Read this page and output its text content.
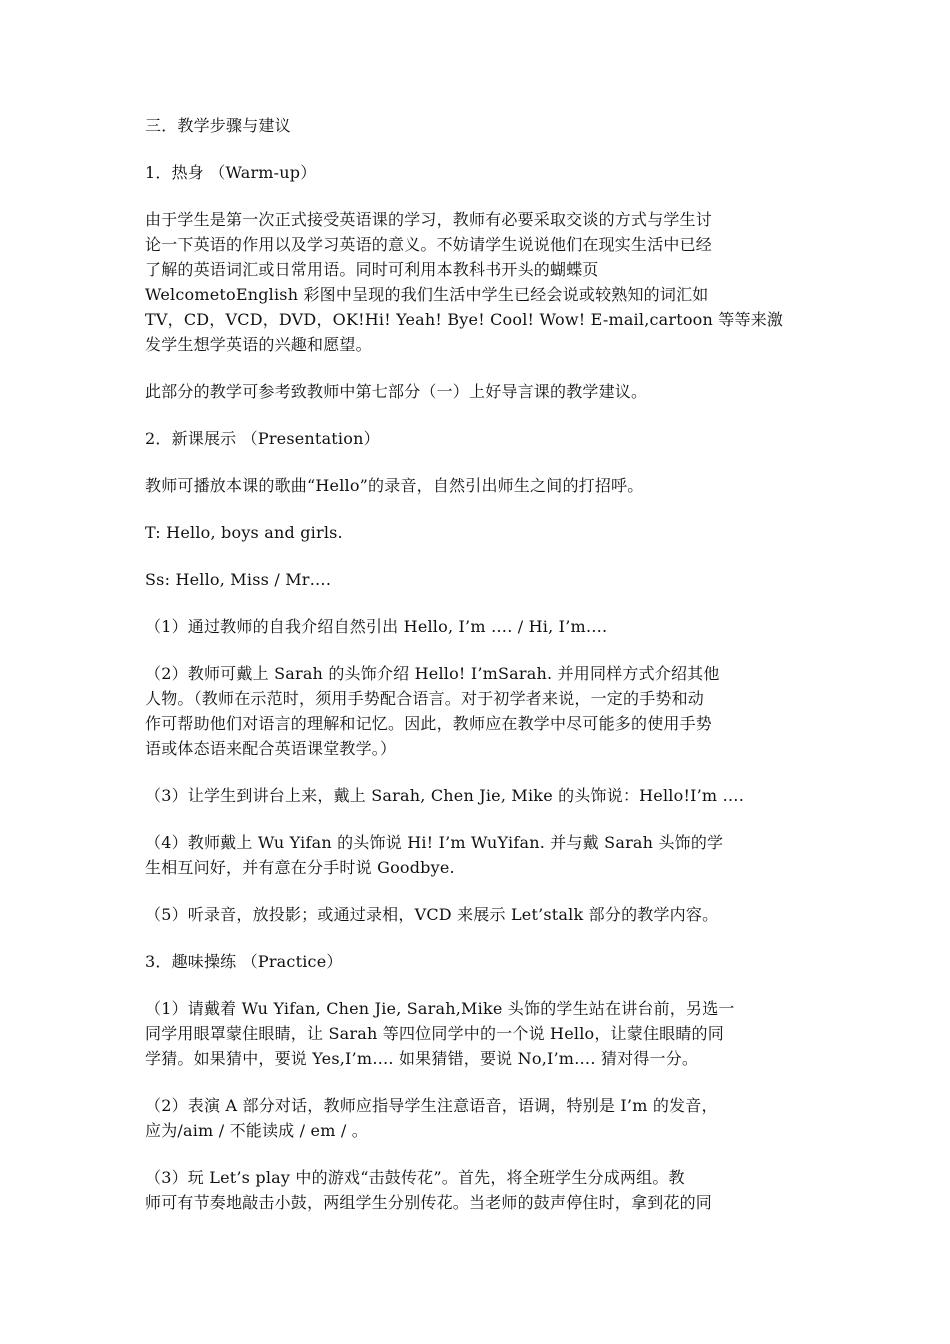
三．教学步骤与建议
1．热身 （Warm-up）
由于学生是第一次正式接受英语课的学习，教师有必要采取交谈的方式与学生讨
论一下英语的作用以及学习英语的意义。不妨请学生说说他们在现实生活中已经
了解的英语词汇或日常用语。同时可利用本教科书开头的蝴蝶页
WelcometoEnglish 彩图中呈现的我们生活中学生已经会说或较熟知的词汇如
TV，CD，VCD，DVD，OK!Hi! Yeah! Bye! Cool! Wow! E-mail,cartoon 等等来激
发学生想学英语的兴趣和愿望。
此部分的教学可参考致教师中第七部分（一）上好导言课的教学建议。
2．新课展示 （Presentation）
教师可播放本课的歌曲“Hello”的录音，自然引出师生之间的打招呼。
T: Hello, boys and girls.
Ss: Hello, Miss / Mr….
（1）通过教师的自我介绍自然引出 Hello, I’m …. / Hi, I’m….
（2）教师可戴上 Sarah 的头饰介绍 Hello! I’mSarah. 并用同样方式介绍其他
人物。（教师在示范时，须用手势配合语言。对于初学者来说，一定的手势和动
作可帮助他们对语言的理解和记忆。因此，教师应在教学中尽可能多的使用手势
语或体态语来配合英语课堂教学。）
（3）让学生到讲台上来，戴上 Sarah, Chen Jie, Mike 的头饰说：Hello!I’m ….
（4）教师戴上 Wu Yifan 的头饰说 Hi! I’m WuYifan. 并与戴 Sarah 头饰的学
生相互问好，并有意在分手时说 Goodbye.
（5）听录音，放投影；或通过录相，VCD 来展示 Let’stalk 部分的教学内容。
3．趣味操练 （Practice）
（1）请戴着 Wu Yifan, Chen Jie, Sarah,Mike 头饰的学生站在讲台前，另选一
同学用眼罩蒙住眼睛，让 Sarah 等四位同学中的一个说 Hello，让蒙住眼睛的同
学猜。如果猜中，要说 Yes,I’m…. 如果猜错，要说 No,I’m…. 猜对得一分。
（2）表演 A 部分对话，教师应指导学生注意语音，语调，特别是 I’m 的发音，
应为/aim / 不能读成 / em / 。
（3）玩 Let’s play 中的游戏“击鼓传花”。首先，将全班学生分成两组。教
师可有节奏地敲击小鼓，两组学生分别传花。当老师的鼓声停住时，拿到花的同
